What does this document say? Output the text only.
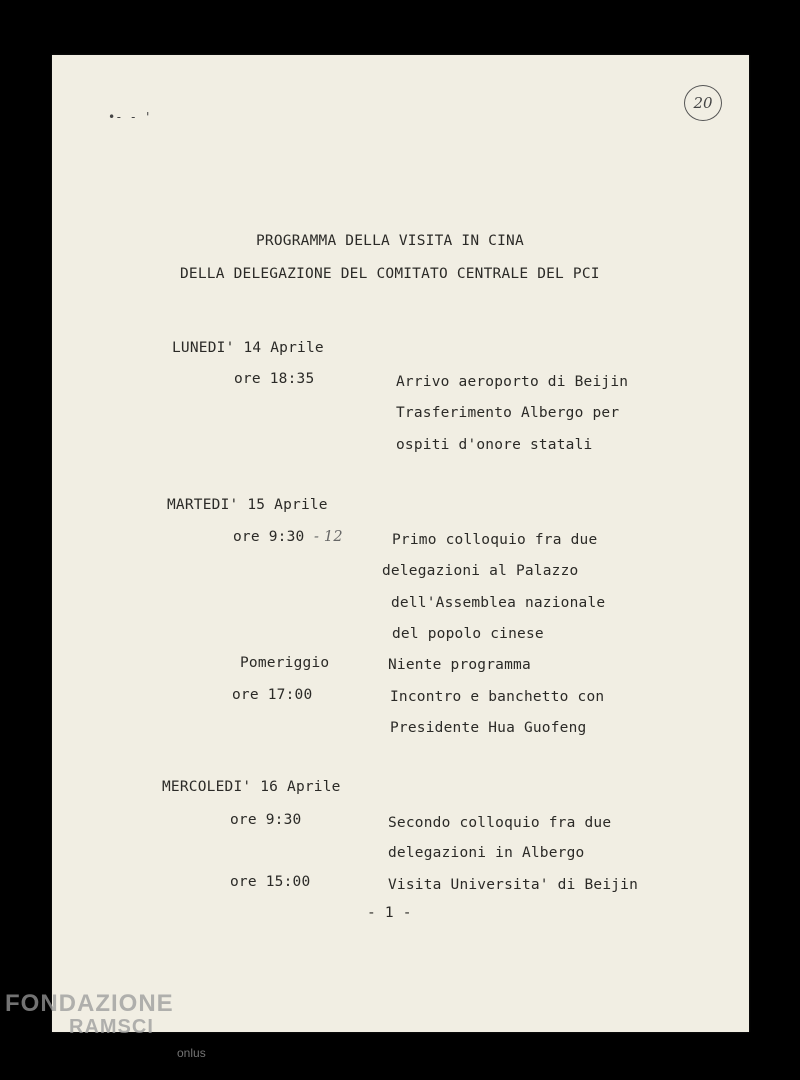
•‐ ‐ '
20
PROGRAMMA DELLA VISITA IN CINA
DELLA DELEGAZIONE DEL COMITATO CENTRALE DEL PCI
LUNEDI' 14 Aprile
ore 18:35	Arrivo aeroporto di Beijin
Trasferimento Albergo per
ospiti d'onore statali
MARTEDI' 15 Aprile
ore 9:30 - 12	Primo colloquio fra due
delegazioni al Palazzo
dell'Assemblea nazionale
del popolo cinese
Pomeriggio	Niente programma
ore 17:00	Incontro e banchetto con
Presidente Hua Guofeng
MERCOLEDI' 16 Aprile
ore 9:30	Secondo colloquio fra due
delegazioni in Albergo
ore 15:00	Visita Universita' di Beijin
- 1 -
FONDAZIONE
RAMSCI
onlus
